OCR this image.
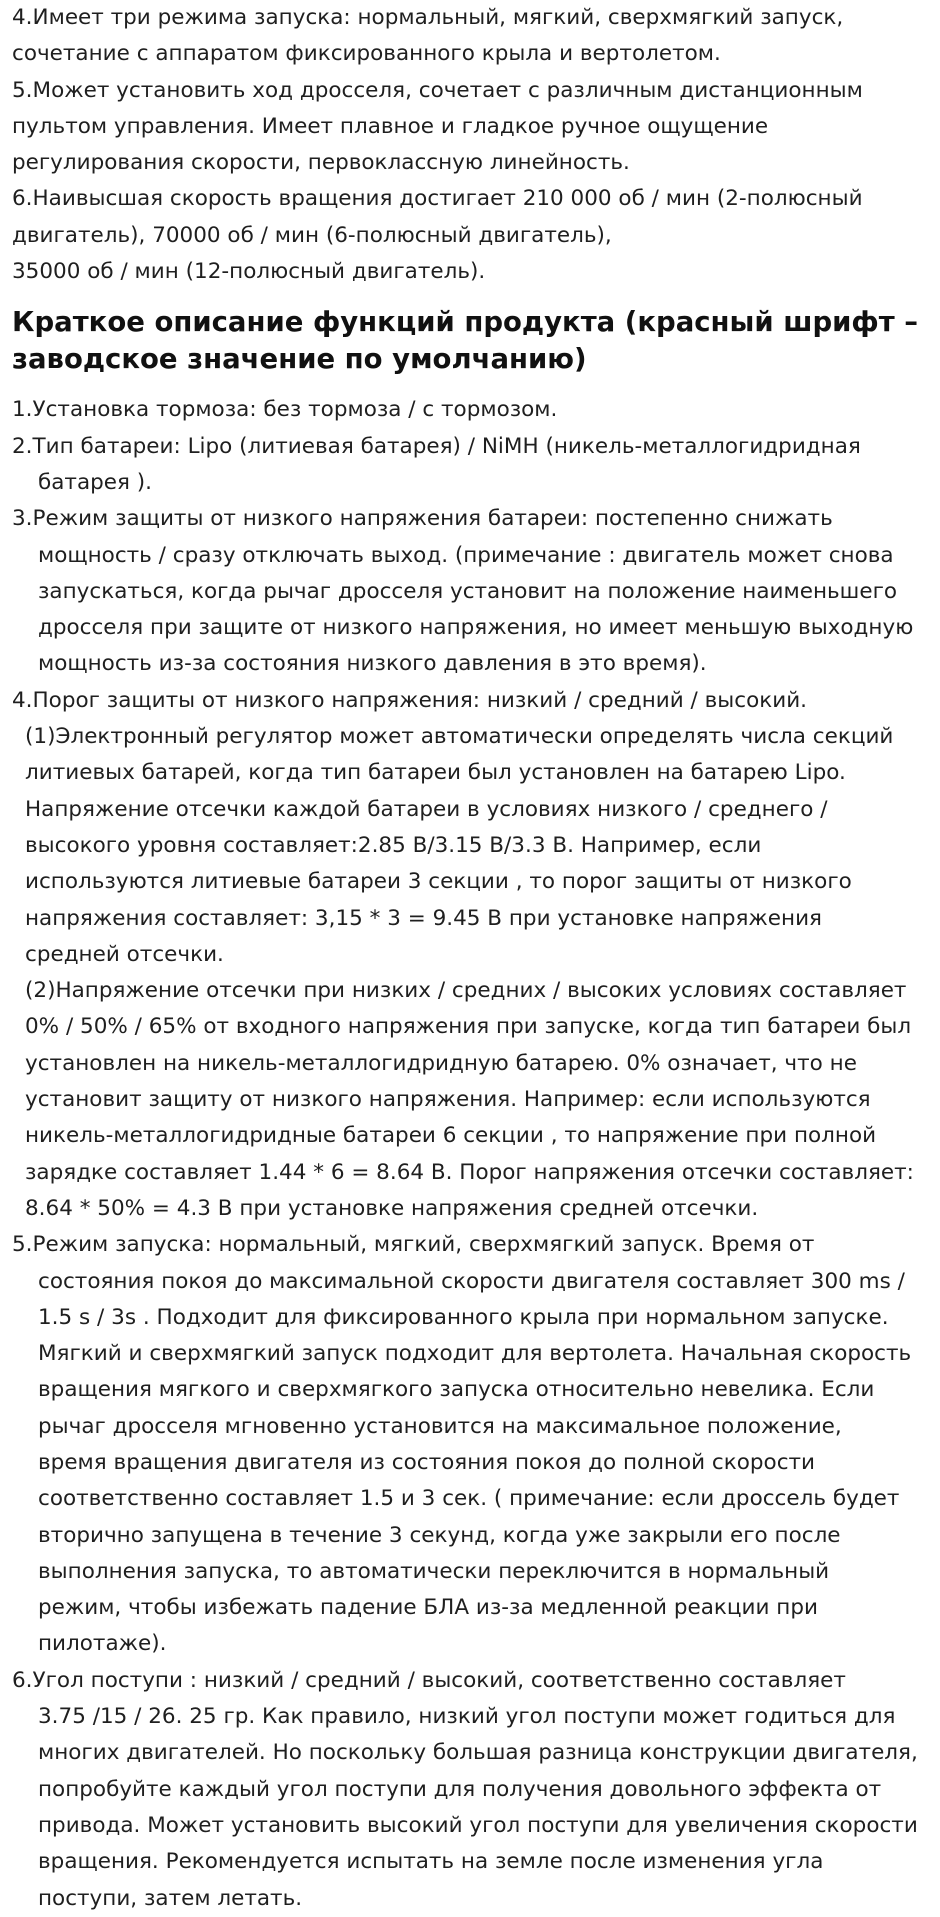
4.Имеет три режима запуска: нормальный, мягкий, сверхмягкий запуск,

сочетание с аппаратом фиксированного крыла и вертолетом.

5.Может установить ход дросселя, сочетает с различным дистанционным

пультом управления. Имеет плавное и гладкое ручное ощущение

регулирования скорости, первоклассную линейность.

6.Наивысшая скорость вращения достигает 210 000 об / мин (2-полюсный

двигатель), 70000 об / мин (6-полюсный двигатель),

35000 об / мин (12-полюсный двигатель).

Краткое описание функций продукта (красный шрифт –
заводское значение по умолчанию)
1.Установка тормоза: без тормоза / с тормозом.
2.Тип батареи: Lipo (литиевая батарея) / NiMH (никель-металлогидридная
батарея ).
3.Режим защиты от низкого напряжения батареи: постепенно снижать
мощность / сразу отключать выход. (примечание : двигатель может снова
запускаться, когда рычаг дросселя установит на положение наименьшего
дросселя при защите от низкого напряжения, но имеет меньшую выходную
мощность из-за состояния низкого давления в это время).
4.Порог защиты от низкого напряжения: низкий / средний / высокий.
(1)Электронный регулятор может автоматически определять числа секций
литиевых батарей, когда тип батареи был установлен на батарею Lipo.
Напряжение отсечки каждой батареи в условиях низкого / среднего /
высокого уровня составляет:2.85 В/3.15 В/3.3 В. Например, если
используются литиевые батареи 3 секции , то порог защиты от низкого
напряжения составляет: 3,15 * 3 = 9.45 В при установке напряжения
средней отсечки.
(2)Напряжение отсечки при низких / средних / высоких условиях составляет
0% / 50% / 65% от входного напряжения при запуске, когда тип батареи был
установлен на никель-металлогидридную батарею. 0% означает, что не
установит защиту от низкого напряжения. Например: если используются
никель-металлогидридные батареи 6 секции , то напряжение при полной
зарядке составляет 1.44 * 6 = 8.64 В. Порог напряжения отсечки составляет:
8.64 * 50% = 4.3 В при установке напряжения средней отсечки.
5.Режим запуска: нормальный, мягкий, сверхмягкий запуск. Время от
состояния покоя до максимальной скорости двигателя составляет 300 ms /
1.5 s / 3s . Подходит для фиксированного крыла при нормальном запуске.
Мягкий и сверхмягкий запуск подходит для вертолета. Начальная скорость
вращения мягкого и сверхмягкого запуска относительно невелика. Если
рычаг дросселя мгновенно установится на максимальное положение,
время вращения двигателя из состояния покоя до полной скорости
соответственно составляет 1.5 и 3 сек. ( примечание: если дроссель будет
вторично запущена в течение 3 секунд, когда уже закрыли его после
выполнения запуска, то автоматически переключится в нормальный
режим, чтобы избежать падение БЛА из-за медленной реакции при
пилотаже).
6.Угол поступи : низкий / средний / высокий, соответственно составляет
3.75 /15 / 26. 25 гр. Как правило, низкий угол поступи может годиться для
многих двигателей. Но поскольку большая разница конструкции двигателя,
попробуйте каждый угол поступи для получения довольного эффекта от
привода. Может установить высокий угол поступи для увеличения скорости
вращения. Рекомендуется испытать на земле после изменения угла
поступи, затем летать.
